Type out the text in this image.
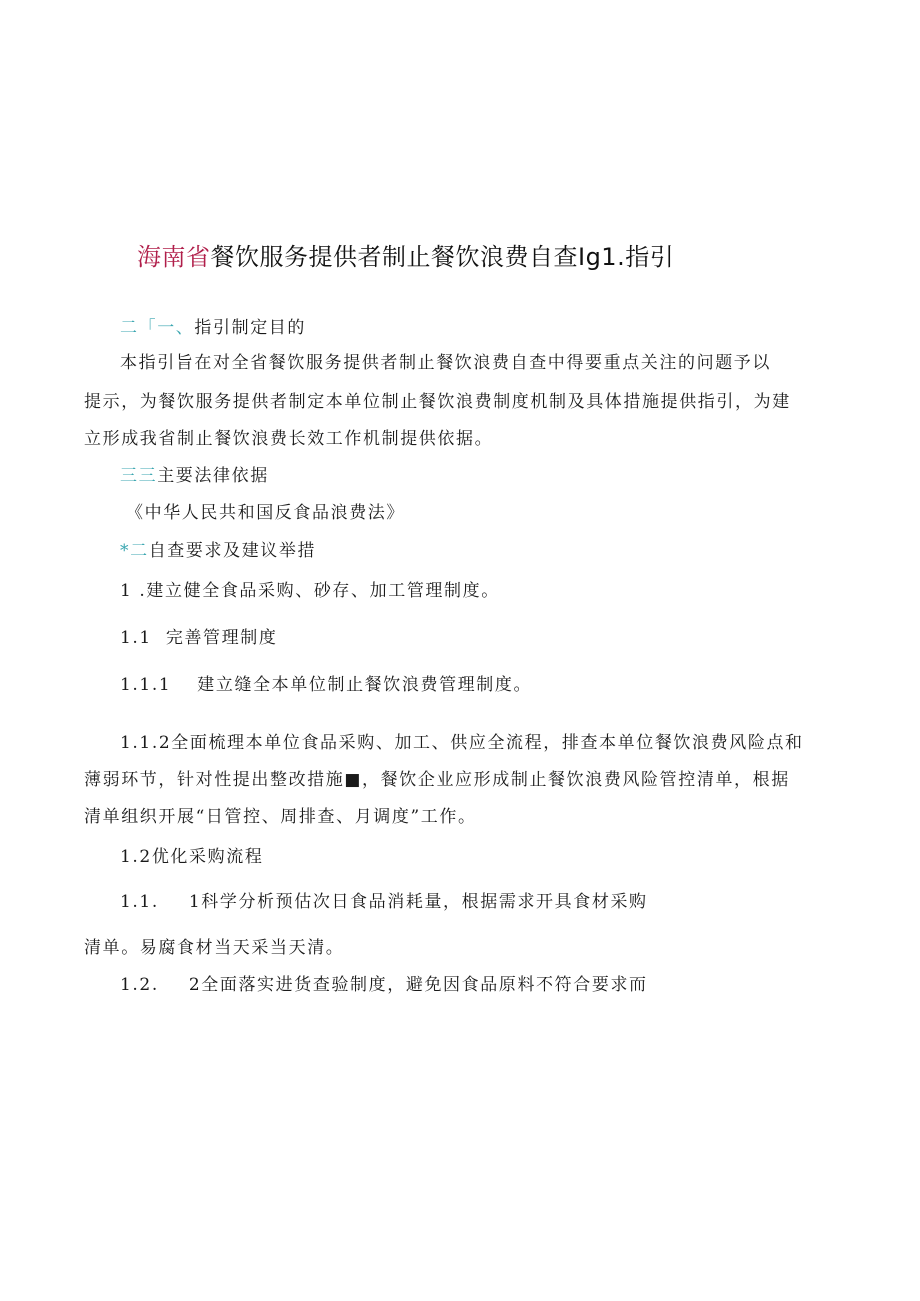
海南省餐饮服务提供者制止餐饮浪费自查Ig1.指引
二「一、指引制定目的
本指引旨在对全省餐饮服务提供者制止餐饮浪费自查中得要重点关注的问题予以
提示，为餐饮服务提供者制定本单位制止餐饮浪费制度机制及具体措施提供指引，为建
立形成我省制止餐饮浪费长效工作机制提供依据。
三三主要法律依据
《中华人民共和国反食品浪费法》
*二自查要求及建议举措
1 .建立健全食品采购、砂存、加工管理制度。
1.1 完善管理制度
1.1.1 建立缝全本单位制止餐饮浪费管理制度。
1.1.2全面梳理本单位食品采购、加工、供应全流程，排查本单位餐饮浪费风险点和
薄弱环节，针对性提出整改措施■，餐饮企业应形成制止餐饮浪费风险管控清单，根据
清单组织开展“日管控、周排查、月调度”工作。
1.2优化采购流程
1.1. 1科学分析预估次日食品消耗量，根据需求开具食材采购
清单。易腐食材当天采当天清。
1.2. 2全面落实进货查验制度，避免因食品原料不符合要求而
